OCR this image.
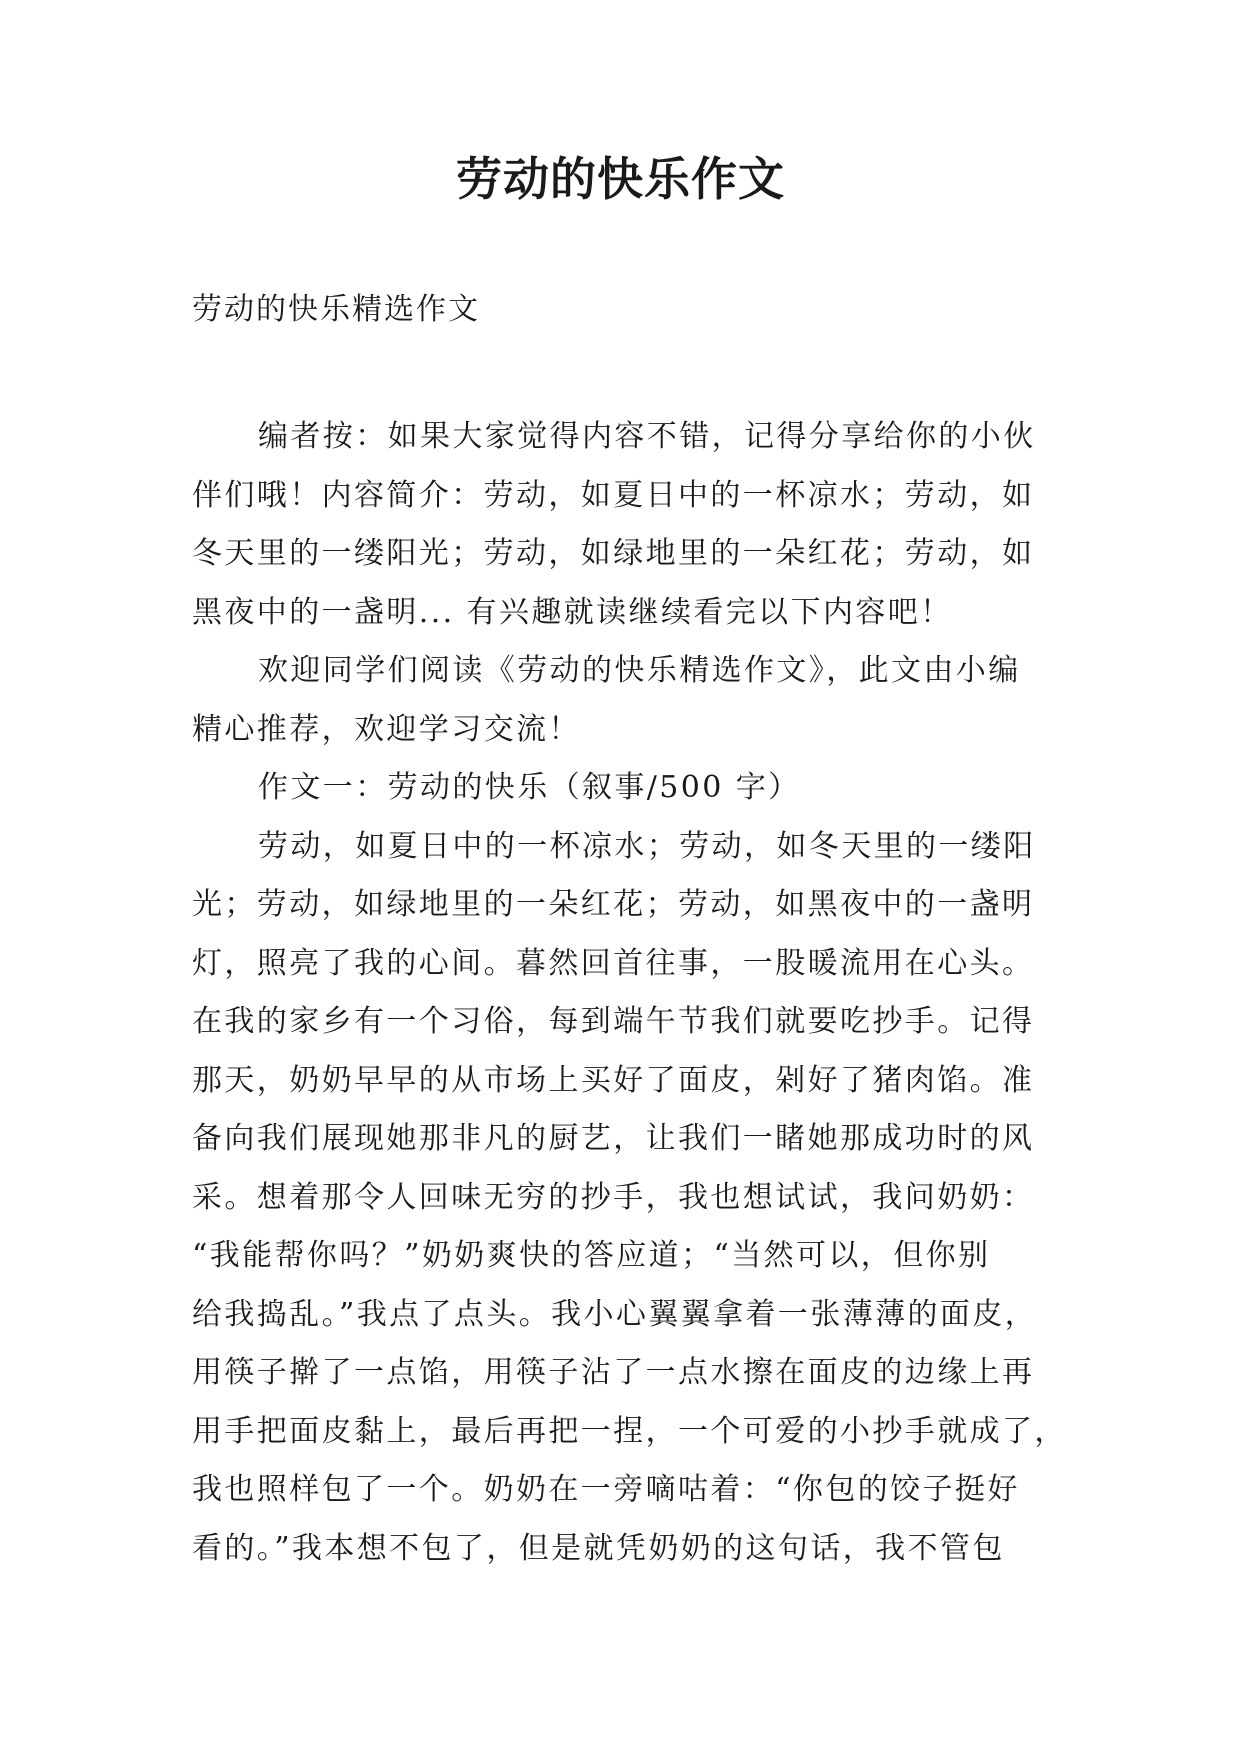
劳动的快乐作文
劳动的快乐精选作文
编者按：如果大家觉得内容不错，记得分享给你的小伙
伴们哦！内容简介：劳动，如夏日中的一杯凉水；劳动，如
冬天里的一缕阳光；劳动，如绿地里的一朵红花；劳动，如
黑夜中的一盏明... 有兴趣就读继续看完以下内容吧！
欢迎同学们阅读《劳动的快乐精选作文》，此文由小编
精心推荐，欢迎学习交流！
作文一：劳动的快乐（叙事/500 字）
劳动，如夏日中的一杯凉水；劳动，如冬天里的一缕阳
光；劳动，如绿地里的一朵红花；劳动，如黑夜中的一盏明
灯，照亮了我的心间。暮然回首往事，一股暖流用在心头。
在我的家乡有一个习俗，每到端午节我们就要吃抄手。记得
那天，奶奶早早的从市场上买好了面皮，剁好了猪肉馅。准
备向我们展现她那非凡的厨艺，让我们一睹她那成功时的风
采。想着那令人回味无穷的抄手，我也想试试，我问奶奶：
“我能帮你吗？”奶奶爽快的答应道；“当然可以，但你别
给我捣乱。”我点了点头。我小心翼翼拿着一张薄薄的面皮，
用筷子擀了一点馅，用筷子沾了一点水擦在面皮的边缘上再
用手把面皮黏上，最后再把一捏，一个可爱的小抄手就成了，
我也照样包了一个。奶奶在一旁嘀咕着：“你包的饺子挺好
看的。”我本想不包了，但是就凭奶奶的这句话，我不管包
